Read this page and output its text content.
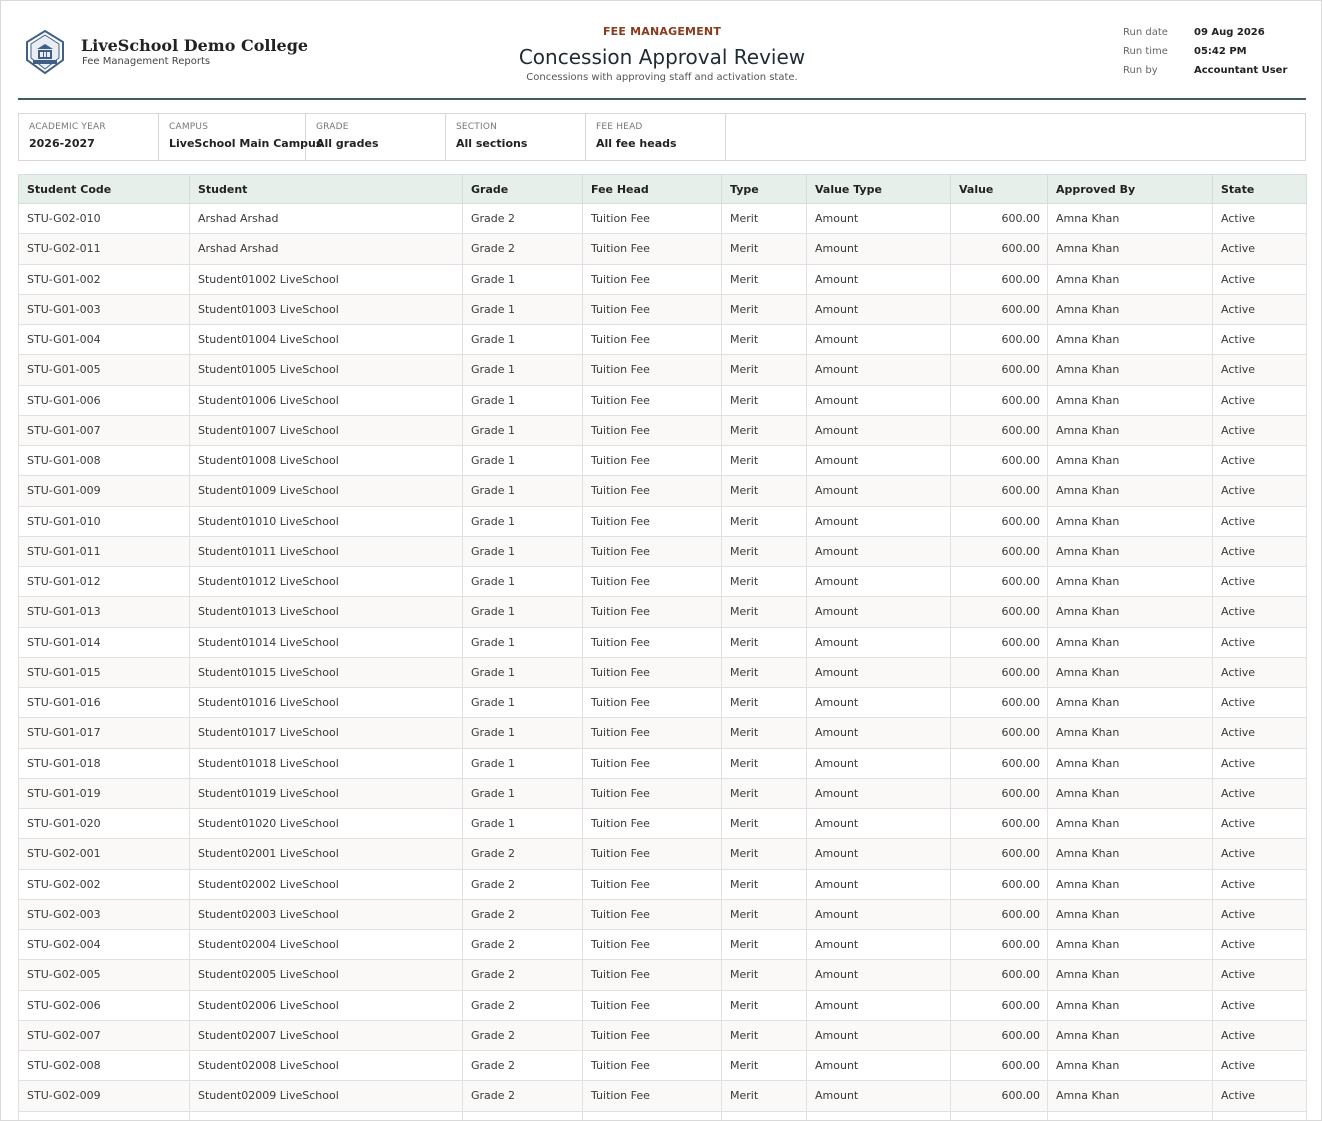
LiveSchool Demo College
Fee Management Reports
FEE MANAGEMENT
Concession Approval Review
Concessions with approving staff and activation state.
Run date	09 Aug 2026
Run time	05:42 PM
Run by	Accountant User
ACADEMIC YEAR
2026-2027
CAMPUS
LiveSchool Main Campus
GRADE
All grades
SECTION
All sections
FEE HEAD
All fee heads
Student Code	Student	Grade	Fee Head	Type	Value Type	Value	Approved By	State
STU-G02-010	Arshad Arshad	Grade 2	Tuition Fee	Merit	Amount	600.00	Amna Khan	Active
STU-G02-011	Arshad Arshad	Grade 2	Tuition Fee	Merit	Amount	600.00	Amna Khan	Active
STU-G01-002	Student01002 LiveSchool	Grade 1	Tuition Fee	Merit	Amount	600.00	Amna Khan	Active
STU-G01-003	Student01003 LiveSchool	Grade 1	Tuition Fee	Merit	Amount	600.00	Amna Khan	Active
STU-G01-004	Student01004 LiveSchool	Grade 1	Tuition Fee	Merit	Amount	600.00	Amna Khan	Active
STU-G01-005	Student01005 LiveSchool	Grade 1	Tuition Fee	Merit	Amount	600.00	Amna Khan	Active
STU-G01-006	Student01006 LiveSchool	Grade 1	Tuition Fee	Merit	Amount	600.00	Amna Khan	Active
STU-G01-007	Student01007 LiveSchool	Grade 1	Tuition Fee	Merit	Amount	600.00	Amna Khan	Active
STU-G01-008	Student01008 LiveSchool	Grade 1	Tuition Fee	Merit	Amount	600.00	Amna Khan	Active
STU-G01-009	Student01009 LiveSchool	Grade 1	Tuition Fee	Merit	Amount	600.00	Amna Khan	Active
STU-G01-010	Student01010 LiveSchool	Grade 1	Tuition Fee	Merit	Amount	600.00	Amna Khan	Active
STU-G01-011	Student01011 LiveSchool	Grade 1	Tuition Fee	Merit	Amount	600.00	Amna Khan	Active
STU-G01-012	Student01012 LiveSchool	Grade 1	Tuition Fee	Merit	Amount	600.00	Amna Khan	Active
STU-G01-013	Student01013 LiveSchool	Grade 1	Tuition Fee	Merit	Amount	600.00	Amna Khan	Active
STU-G01-014	Student01014 LiveSchool	Grade 1	Tuition Fee	Merit	Amount	600.00	Amna Khan	Active
STU-G01-015	Student01015 LiveSchool	Grade 1	Tuition Fee	Merit	Amount	600.00	Amna Khan	Active
STU-G01-016	Student01016 LiveSchool	Grade 1	Tuition Fee	Merit	Amount	600.00	Amna Khan	Active
STU-G01-017	Student01017 LiveSchool	Grade 1	Tuition Fee	Merit	Amount	600.00	Amna Khan	Active
STU-G01-018	Student01018 LiveSchool	Grade 1	Tuition Fee	Merit	Amount	600.00	Amna Khan	Active
STU-G01-019	Student01019 LiveSchool	Grade 1	Tuition Fee	Merit	Amount	600.00	Amna Khan	Active
STU-G01-020	Student01020 LiveSchool	Grade 1	Tuition Fee	Merit	Amount	600.00	Amna Khan	Active
STU-G02-001	Student02001 LiveSchool	Grade 2	Tuition Fee	Merit	Amount	600.00	Amna Khan	Active
STU-G02-002	Student02002 LiveSchool	Grade 2	Tuition Fee	Merit	Amount	600.00	Amna Khan	Active
STU-G02-003	Student02003 LiveSchool	Grade 2	Tuition Fee	Merit	Amount	600.00	Amna Khan	Active
STU-G02-004	Student02004 LiveSchool	Grade 2	Tuition Fee	Merit	Amount	600.00	Amna Khan	Active
STU-G02-005	Student02005 LiveSchool	Grade 2	Tuition Fee	Merit	Amount	600.00	Amna Khan	Active
STU-G02-006	Student02006 LiveSchool	Grade 2	Tuition Fee	Merit	Amount	600.00	Amna Khan	Active
STU-G02-007	Student02007 LiveSchool	Grade 2	Tuition Fee	Merit	Amount	600.00	Amna Khan	Active
STU-G02-008	Student02008 LiveSchool	Grade 2	Tuition Fee	Merit	Amount	600.00	Amna Khan	Active
STU-G02-009	Student02009 LiveSchool	Grade 2	Tuition Fee	Merit	Amount	600.00	Amna Khan	Active
